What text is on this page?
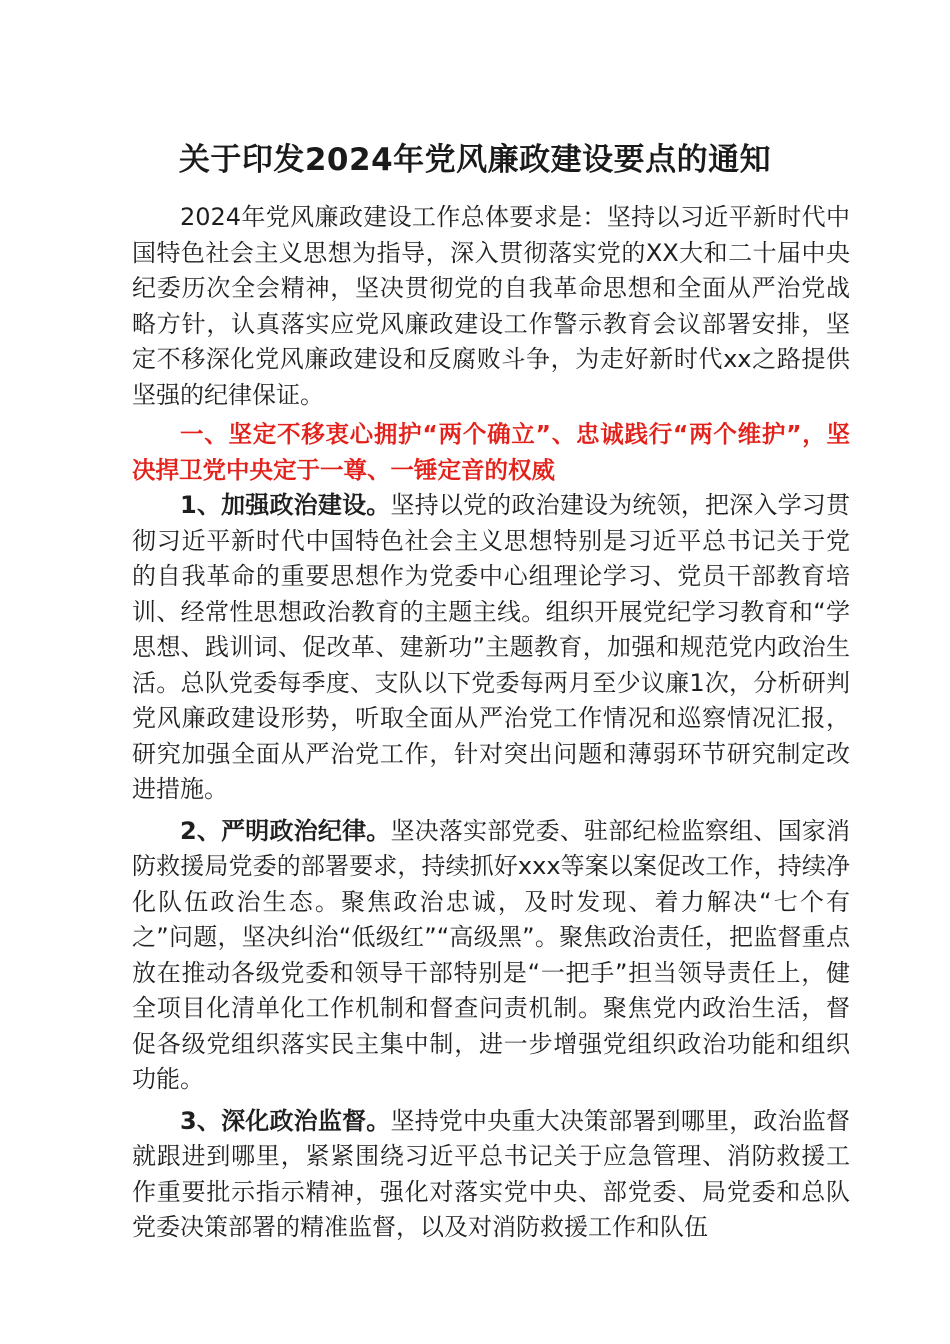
关于印发2024年党风廉政建设要点的通知

2024年党风廉政建设工作总体要求是：坚持以习近平新时代中国特色社会主义思想为指导，深入贯彻落实党的XX大和二十届中央纪委历次全会精神，坚决贯彻党的自我革命思想和全面从严治党战略方针，认真落实应党风廉政建设工作警示教育会议部署安排，坚定不移深化党风廉政建设和反腐败斗争，为走好新时代xx之路提供坚强的纪律保证。

一、坚定不移衷心拥护“两个确立”、忠诚践行“两个维护”，坚决捍卫党中央定于一尊、一锤定音的权威

1、加强政治建设。坚持以党的政治建设为统领，把深入学习贯彻习近平新时代中国特色社会主义思想特别是习近平总书记关于党的自我革命的重要思想作为党委中心组理论学习、党员干部教育培训、经常性思想政治教育的主题主线。组织开展党纪学习教育和“学思想、践训词、促改革、建新功”主题教育，加强和规范党内政治生活。总队党委每季度、支队以下党委每两月至少议廉1次，分析研判党风廉政建设形势，听取全面从严治党工作情况和巡察情况汇报，研究加强全面从严治党工作，针对突出问题和薄弱环节研究制定改进措施。

2、严明政治纪律。坚决落实部党委、驻部纪检监察组、国家消防救援局党委的部署要求，持续抓好xxx等案以案促改工作，持续净化队伍政治生态。聚焦政治忠诚，及时发现、着力解决“七个有之”问题，坚决纠治“低级红”“高级黑”。聚焦政治责任，把监督重点放在推动各级党委和领导干部特别是“一把手”担当领导责任上，健全项目化清单化工作机制和督查问责机制。聚焦党内政治生活，督促各级党组织落实民主集中制，进一步增强党组织政治功能和组织功能。

3、深化政治监督。坚持党中央重大决策部署到哪里，政治监督就跟进到哪里，紧紧围绕习近平总书记关于应急管理、消防救援工作重要批示指示精神，强化对落实党中央、部党委、局党委和总队党委决策部署的精准监督，以及对消防救援工作和队伍
